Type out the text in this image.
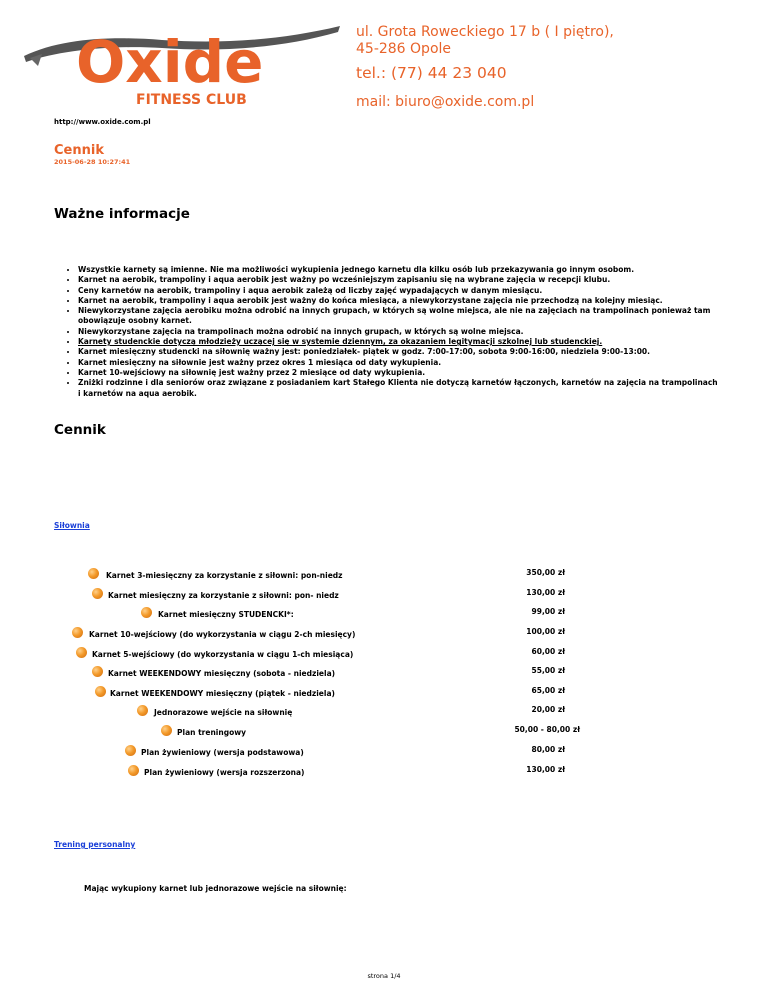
Oxide
FITNESS CLUB
ul. Grota Roweckiego 17 b ( I piętro),
45-286 Opole
tel.: (77) 44 23 040
mail: biuro@oxide.com.pl
http://www.oxide.com.pl
Cennik
2015-06-28 10:27:41
Ważne informacje
• Wszystkie karnety są imienne. Nie ma możliwości wykupienia jednego karnetu dla kilku osób lub przekazywania go innym osobom.
• Karnet na aerobik, trampoliny i aqua aerobik jest ważny po wcześniejszym zapisaniu się na wybrane zajęcia w recepcji klubu.
• Ceny karnetów na aerobik, trampoliny i aqua aerobik zależą od liczby zajęć wypadających w danym miesiącu.
• Karnet na aerobik, trampoliny i aqua aerobik jest ważny do końca miesiąca, a niewykorzystane zajęcia nie przechodzą na kolejny miesiąc.
• Niewykorzystane zajęcia aerobiku można odrobić na innych grupach, w których są wolne miejsca, ale nie na zajęciach na trampolinach ponieważ tam obowiązuje osobny karnet.
• Niewykorzystane zajęcia na trampolinach można odrobić na innych grupach, w których są wolne miejsca.
• Karnety studenckie dotyczą młodzieży uczącej się w systemie dziennym, za okazaniem legitymacji szkolnej lub studenckiej.
• Karnet miesięczny studencki na siłownię ważny jest: poniedziałek- piątek w godz. 7:00-17:00, sobota 9:00-16:00, niedziela 9:00-13:00.
• Karnet miesięczny na siłownie jest ważny przez okres 1 miesiąca od daty wykupienia.
• Karnet 10-wejściowy na siłownię jest ważny przez 2 miesiące od daty wykupienia.
• Zniżki rodzinne i dla seniorów oraz związane z posiadaniem kart Stałego Klienta nie dotyczą karnetów łączonych, karnetów na zajęcia na trampolinach i karnetów na aqua aerobik.
Cennik
Siłownia
Karnet 3-miesięczny za korzystanie z siłowni: pon-niedz	350,00 zł
Karnet miesięczny za korzystanie z siłowni: pon- niedz	130,00 zł
Karnet miesięczny STUDENCKI*:	99,00 zł
Karnet 10-wejściowy (do wykorzystania w ciągu 2-ch miesięcy)	100,00 zł
Karnet 5-wejściowy (do wykorzystania w ciągu 1-ch miesiąca)	60,00 zł
Karnet WEEKENDOWY miesięczny (sobota - niedziela)	55,00 zł
Karnet WEEKENDOWY miesięczny (piątek - niedziela)	65,00 zł
Jednorazowe wejście na siłownię	20,00 zł
Plan treningowy	50,00 - 80,00 zł
Plan żywieniowy (wersja podstawowa)	80,00 zł
Plan żywieniowy (wersja rozszerzona)	130,00 zł
Trening personalny
Mając wykupiony karnet lub jednorazowe wejście na siłownię:
strona 1/4
